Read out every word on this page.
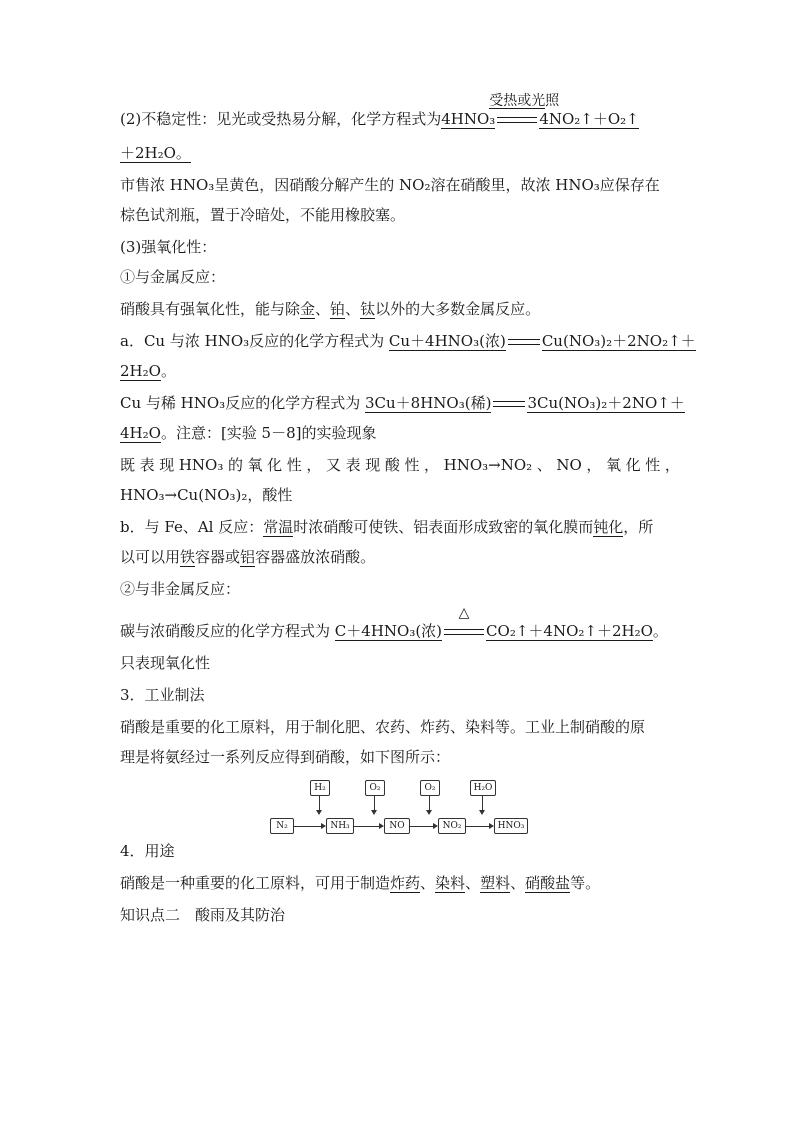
(2)不稳定性：见光或受热易分解，化学方程式为4HNO₃
受热或光照
4NO₂↑＋O₂↑
＋2H₂O。
市售浓 HNO₃呈黄色，因硝酸分解产生的 NO₂溶在硝酸里，故浓 HNO₃应保存在
棕色试剂瓶，置于冷暗处，不能用橡胶塞。
(3)强氧化性：
①与金属反应：
硝酸具有强氧化性，能与除金、铂、钛以外的大多数金属反应。
a．Cu 与浓 HNO₃反应的化学方程式为 Cu＋4HNO₃(浓) Cu(NO₃)₂＋2NO₂↑＋
2H₂O。
Cu 与稀 HNO₃反应的化学方程式为 3Cu＋8HNO₃(稀) 3Cu(NO₃)₂＋2NO↑＋
4H₂O。注意：[实验 5－8]的实验现象
既 表 现 HNO₃ 的 氧 化 性 ， 又 表 现 酸 性 ， HNO₃→NO₂ 、 NO ， 氧 化 性 ，
HNO₃→Cu(NO₃)₂，酸性
b．与 Fe、Al 反应：常温时浓硝酸可使铁、铝表面形成致密的氧化膜而钝化，所
以可以用铁容器或铝容器盛放浓硝酸。
②与非金属反应：
碳与浓硝酸反应的化学方程式为 C＋4HNO₃(浓)
△
CO₂↑＋4NO₂↑＋2H₂O。
只表现氧化性
3．工业制法
硝酸是重要的化工原料，用于制化肥、农药、炸药、染料等。工业上制硝酸的原
理是将氨经过一系列反应得到硝酸，如下图所示：
4．用途
硝酸是一种重要的化工原料，可用于制造炸药、染料、塑料、硝酸盐等。
知识点二　酸雨及其防治
H₂	O₂	O₂	H₂O
N₂	NH₃	NO	NO₂	HNO₃
